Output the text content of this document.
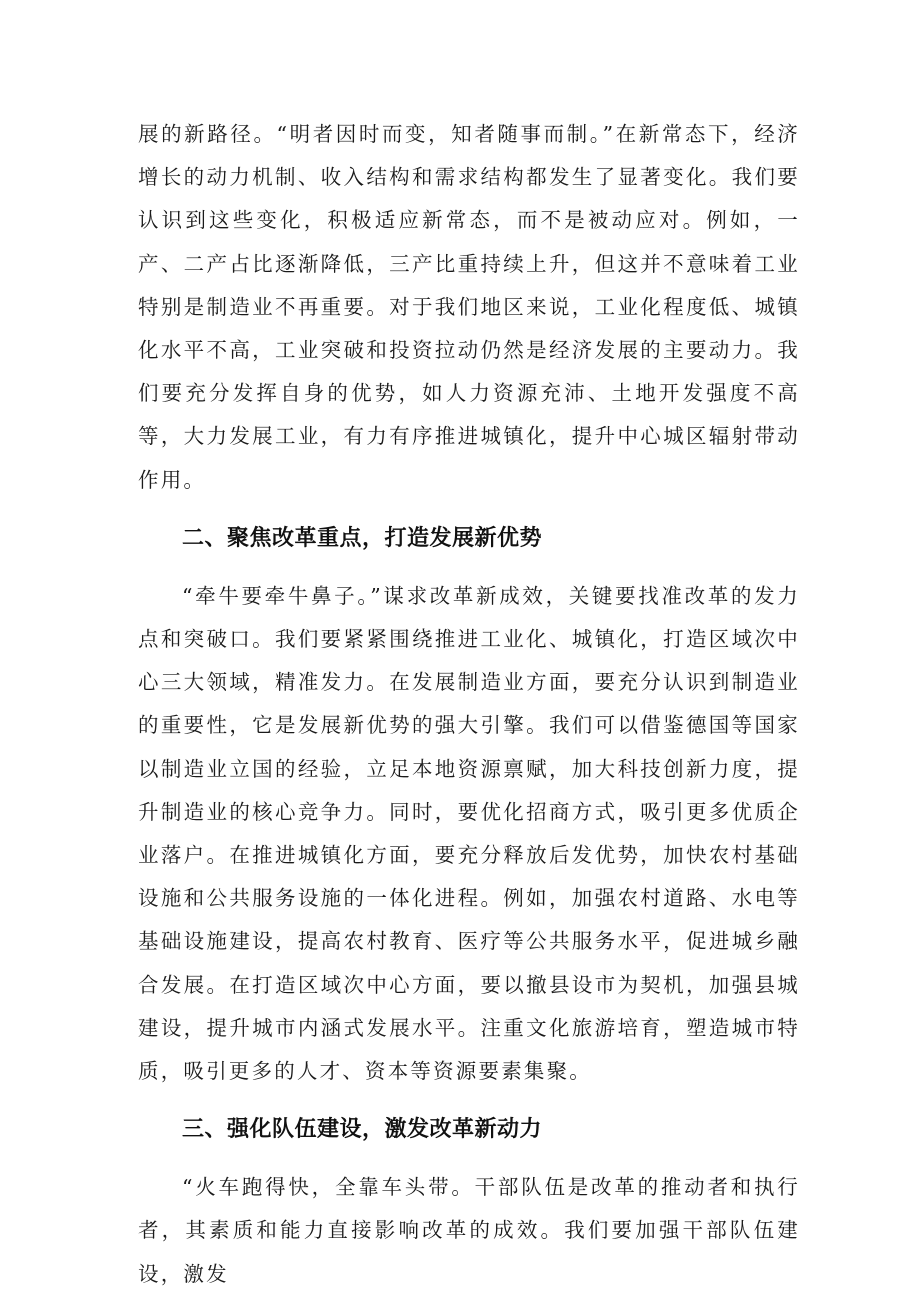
展的新路径。“明者因时而变，知者随事而制。”在新常态下，经济增长的动力机制、收入结构和需求结构都发生了显著变化。我们要认识到这些变化，积极适应新常态，而不是被动应对。例如，一产、二产占比逐渐降低，三产比重持续上升，但这并不意味着工业特别是制造业不再重要。对于我们地区来说，工业化程度低、城镇化水平不高，工业突破和投资拉动仍然是经济发展的主要动力。我们要充分发挥自身的优势，如人力资源充沛、土地开发强度不高等，大力发展工业，有力有序推进城镇化，提升中心城区辐射带动作用。

二、聚焦改革重点，打造发展新优势

“牵牛要牵牛鼻子。”谋求改革新成效，关键要找准改革的发力点和突破口。我们要紧紧围绕推进工业化、城镇化，打造区域次中心三大领域，精准发力。在发展制造业方面，要充分认识到制造业的重要性，它是发展新优势的强大引擎。我们可以借鉴德国等国家以制造业立国的经验，立足本地资源禀赋，加大科技创新力度，提升制造业的核心竞争力。同时，要优化招商方式，吸引更多优质企业落户。在推进城镇化方面，要充分释放后发优势，加快农村基础设施和公共服务设施的一体化进程。例如，加强农村道路、水电等基础设施建设，提高农村教育、医疗等公共服务水平，促进城乡融合发展。在打造区域次中心方面，要以撤县设市为契机，加强县城建设，提升城市内涵式发展水平。注重文化旅游培育，塑造城市特质，吸引更多的人才、资本等资源要素集聚。

三、强化队伍建设，激发改革新动力

“火车跑得快，全靠车头带。干部队伍是改革的推动者和执行者，其素质和能力直接影响改革的成效。我们要加强干部队伍建设，激发
